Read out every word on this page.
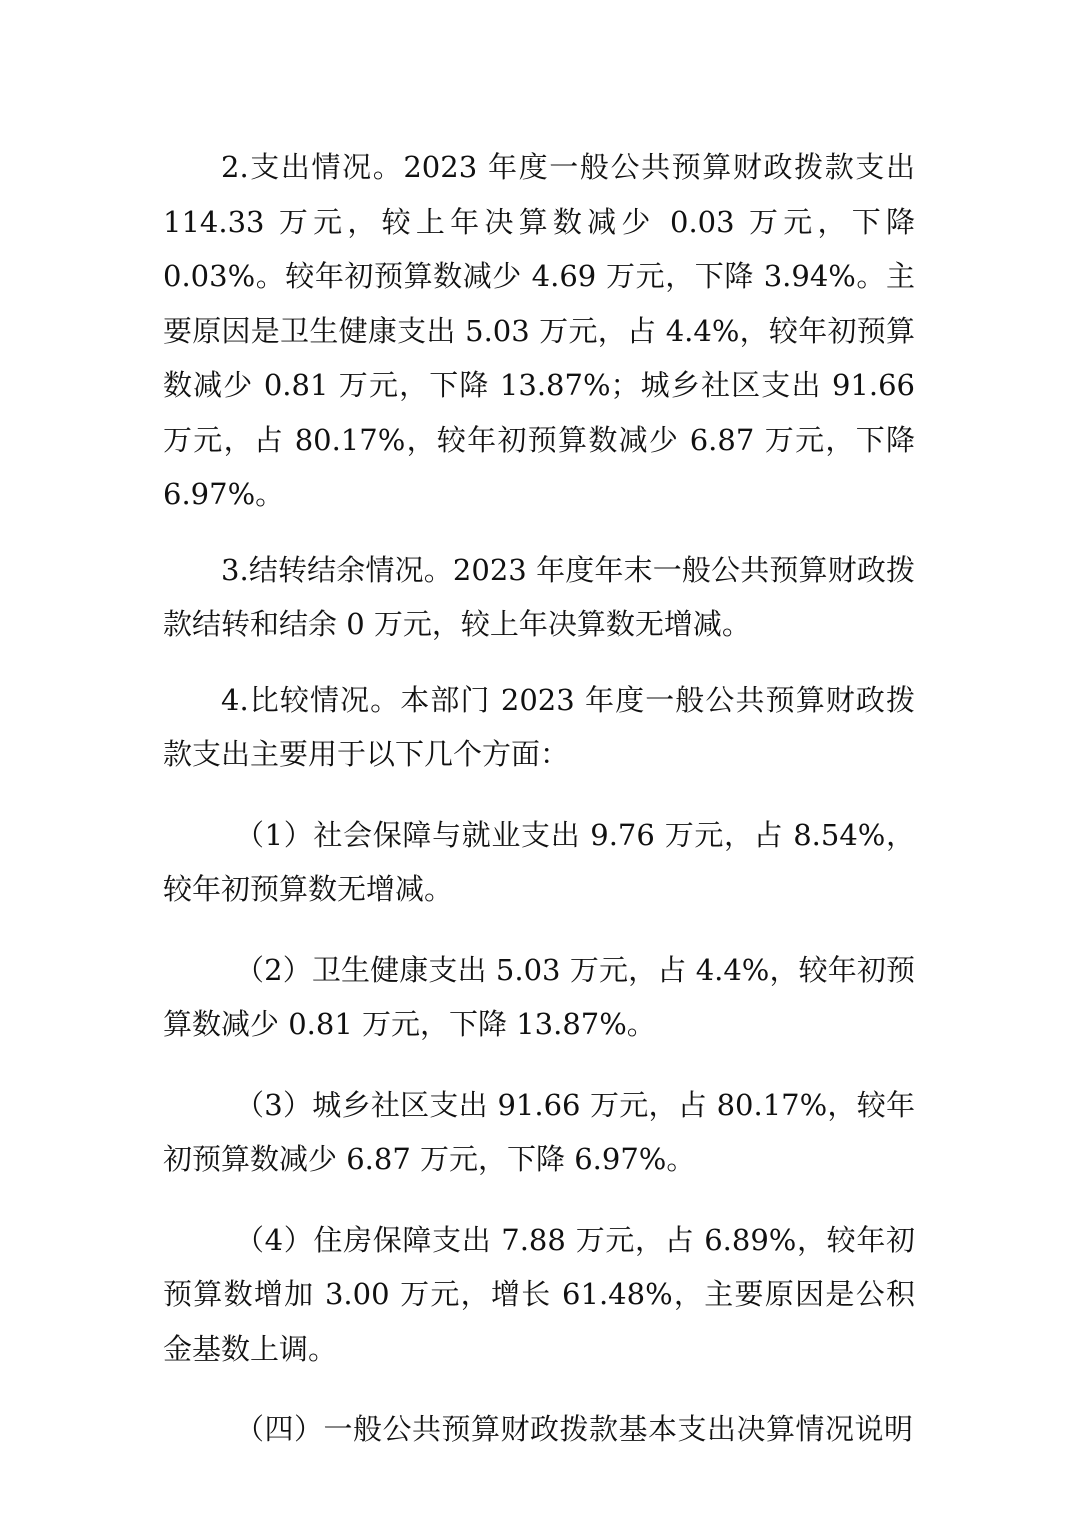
2.支出情况。2023 年度一般公共预算财政拨款支出 114.33 万元，较上年决算数减少 0.03 万元，下降 0.03%。较年初预算数减少 4.69 万元，下降 3.94%。主要原因是卫生健康支出 5.03 万元，占 4.4%，较年初预算数减少 0.81 万元，下降 13.87%；城乡社区支出 91.66 万元，占 80.17%，较年初预算数减少 6.87 万元，下降 6.97%。

3.结转结余情况。2023 年度年末一般公共预算财政拨款结转和结余 0 万元，较上年决算数无增减。

4.比较情况。本部门 2023 年度一般公共预算财政拨款支出主要用于以下几个方面：

（1）社会保障与就业支出 9.76 万元，占 8.54%，较年初预算数无增减。

（2）卫生健康支出 5.03 万元，占 4.4%，较年初预算数减少 0.81 万元，下降 13.87%。

（3）城乡社区支出 91.66 万元，占 80.17%，较年初预算数减少 6.87 万元，下降 6.97%。

（4）住房保障支出 7.88 万元，占 6.89%，较年初预算数增加 3.00 万元，增长 61.48%，主要原因是公积金基数上调。

（四）一般公共预算财政拨款基本支出决算情况说明
